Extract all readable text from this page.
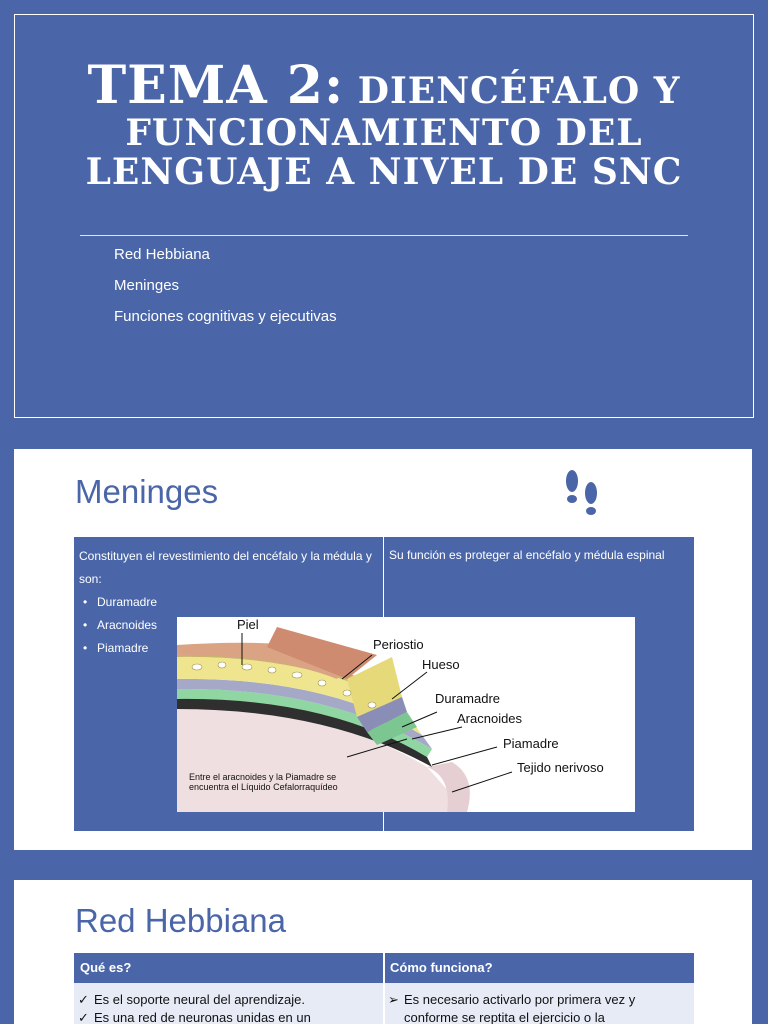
TEMA 2: DIENCÉFALO Y
FUNCIONAMIENTO DEL
LENGUAJE A NIVEL DE SNC
Red Hebbiana
Meninges
Funciones cognitivas y ejecutivas
Meninges
Constituyen el revestimiento del encéfalo y la médula y son:
• Duramadre
• Aracnoides
• Piamadre
Su función es proteger al encéfalo y médula espinal
Piel
Periostio
Hueso
Duramadre
Aracnoides
Piamadre
Tejido nerivoso
Entre el aracnoides y la Piamadre se encuentra el Líquido Cefalorraquídeo
Red Hebbiana
Qué es?	Cómo funciona?
✓ Es el soporte neural del aprendizaje.
✓ Es una red de neuronas unidas en un
➢ Es necesario activarlo por primera vez y
conforme se reptita el ejercicio o la
